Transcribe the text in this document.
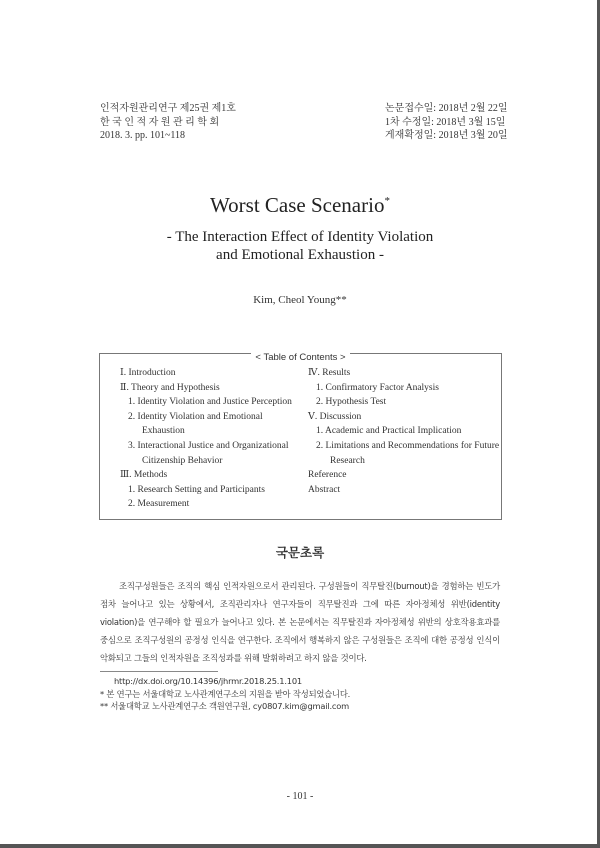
인적자원관리연구 제25권 제1호
한 국 인 적 자 원 관 리 학 회
2018. 3. pp. 101~118
논문접수일: 2018년 2월 22일
1차 수정일: 2018년 3월 15일
게재확정일: 2018년 3월 20일
Worst Case Scenario*
- The Interaction Effect of Identity Violation
and Emotional Exhaustion -
Kim, Cheol Young**
< Table of Contents >
Ⅰ. Introduction
Ⅱ. Theory and Hypothesis
1. Identity Violation and Justice Perception
2. Identity Violation and Emotional
Exhaustion
3. Interactional Justice and Organizational
Citizenship Behavior
Ⅲ. Methods
1. Research Setting and Participants
2. Measurement
Ⅳ. Results
1. Confirmatory Factor Analysis
2. Hypothesis Test
Ⅴ. Discussion
1. Academic and Practical Implication
2. Limitations and Recommendations for Future
Research
Reference
Abstract
국문초록
조직구성원들은 조직의 핵심 인적자원으로서 관리된다. 구성원들이 직무탈진(burnout)을 경험하는 빈도가 점차 늘어나고 있는 상황에서, 조직관리자나 연구자들이 직무탈진과 그에 따른 자아정체성 위반(identity violation)을 연구해야 할 필요가 늘어나고 있다. 본 논문에서는 직무탈진과 자아정체성 위반의 상호작용효과를 중심으로 조직구성원의 공정성 인식을 연구한다. 조직에서 행복하지 않은 구성원들은 조직에 대한 공정성 인식이 악화되고 그들의 인적자원을 조직성과를 위해 발휘하려고 하지 않을 것이다.
http://dx.doi.org/10.14396/jhrmr.2018.25.1.101
* 본 연구는 서울대학교 노사관계연구소의 지원을 받아 작성되었습니다.
** 서울대학교 노사관계연구소 객원연구원, cy0807.kim@gmail.com
- 101 -
